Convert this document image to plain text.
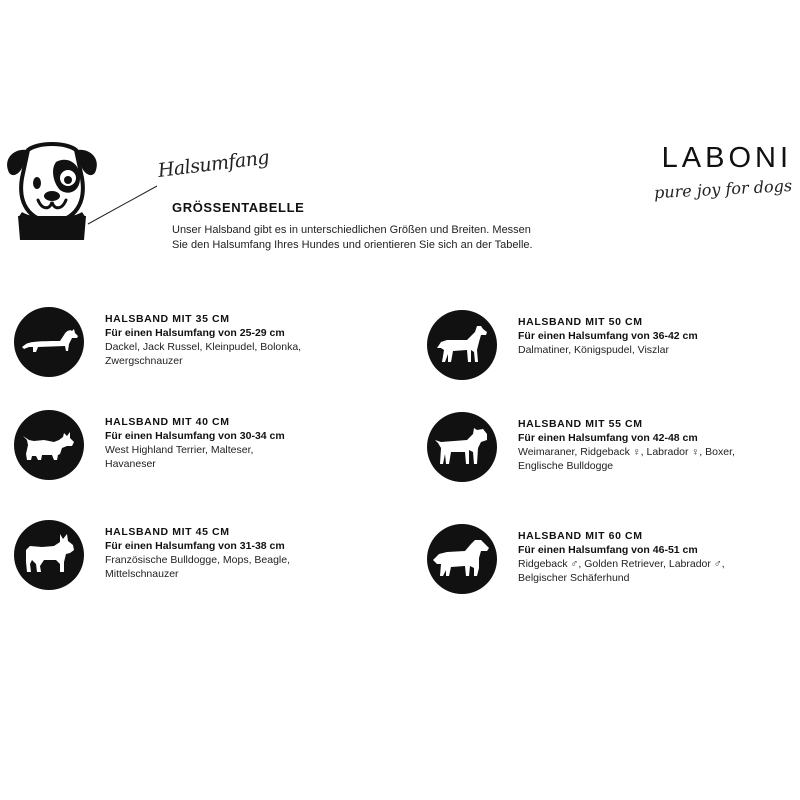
Halsumfang	LABONI
pure joy for dogs

GRÖSSENTABELLE

Unser Halsband gibt es in unterschiedlichen Größen und Breiten. Messen

Sie den Halsumfang Ihres Hundes und orientieren Sie sich an der Tabelle.

HALSBAND MIT 35 CM

Für einen Halsumfang von 25-29 cm

Dackel, Jack Russel, Kleinpudel, Bolonka,

Zwergschnauzer

HALSBAND MIT 40 CM

Für einen Halsumfang von 30-34 cm

West Highland Terrier, Malteser,

Havaneser

HALSBAND MIT 45 CM

Für einen Halsumfang von 31-38 cm

Französische Bulldogge, Mops, Beagle,

Mittelschnauzer

HALSBAND MIT 50 CM

Für einen Halsumfang von 36-42 cm

Dalmatiner, Königspudel, Viszlar

HALSBAND MIT 55 CM

Für einen Halsumfang von 42-48 cm

Weimaraner, Ridgeback ♀, Labrador ♀, Boxer,

Englische Bulldogge

HALSBAND MIT 60 CM

Für einen Halsumfang von 46-51 cm

Ridgeback ♂, Golden Retriever, Labrador ♂,

Belgischer Schäferhund
